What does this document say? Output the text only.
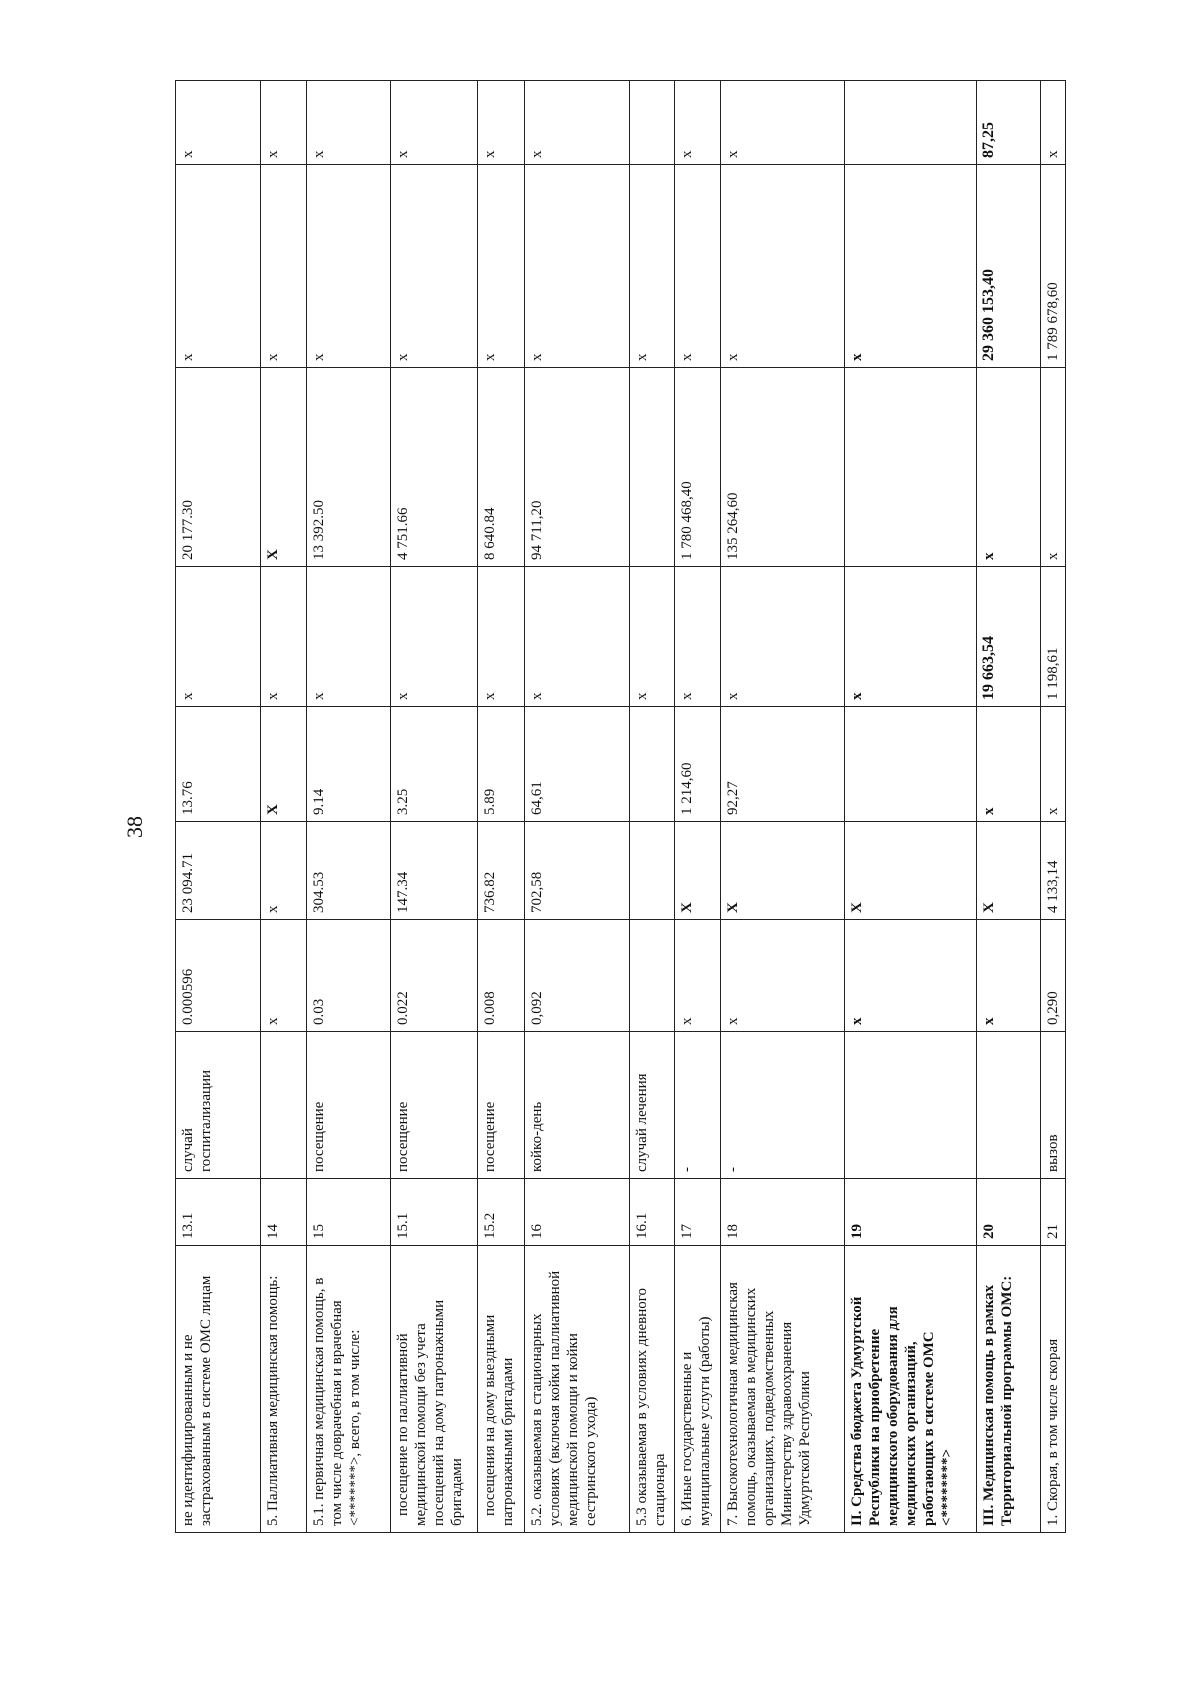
38
не идентифицированным и не застрахованным в системе ОМС лицам	13.1	случай госпитализации	0.000596	23 094.71	13.76	х	20 177.30	х	х
5. Паллиативная медицинская помощь:	14		х	х	Х	х	Х	х	х
5.1. первичная медицинская помощь, в том числе доврачебная и врачебная <*******>, всего, в том числе:	15	посещение	0.03	304.53	9.14	х	13 392.50	х	х
посещение по паллиативной медицинской помощи без учета посещений на дому патронажными бригадами	15.1	посещение	0.022	147.34	3.25	х	4 751.66	х	х
посещения на дому выездными патронажными бригадами	15.2	посещение	0.008	736.82	5.89	х	8 640.84	х	х
5.2. оказываемая в стационарных условиях (включая койки паллиативной медицинской помощи и койки сестринского ухода)	16	койко-день	0,092	702,58	64,61	х	94 711,20	х	х
5.3 оказываемая в условиях дневного стационара	16.1	случай лечения				х		х	
6. Иные государственные и муниципальные услуги (работы)	17	-	х	Х	1 214,60	х	1 780 468,40	х	х
7. Высокотехнологичная медицинская помощь, оказываемая в медицинских организациях, подведомственных Министерству здравоохранения Удмуртской Республики	18	-	х	Х	92,27	х	135 264,60	х	х
II. Средства бюджета Удмуртской Республики на приобретение медицинского оборудования для медицинских организаций, работающих в системе ОМС <********>	19		х	Х		х		х	
III. Медицинская помощь в рамках Территориальной программы ОМС:	20		х	Х	х	19 663,54	х	29 360 153,40	87,25
1. Скорая, в том числе скорая	21	вызов	0,290	4 133,14	х	1 198,61	х	1 789 678,60	х
